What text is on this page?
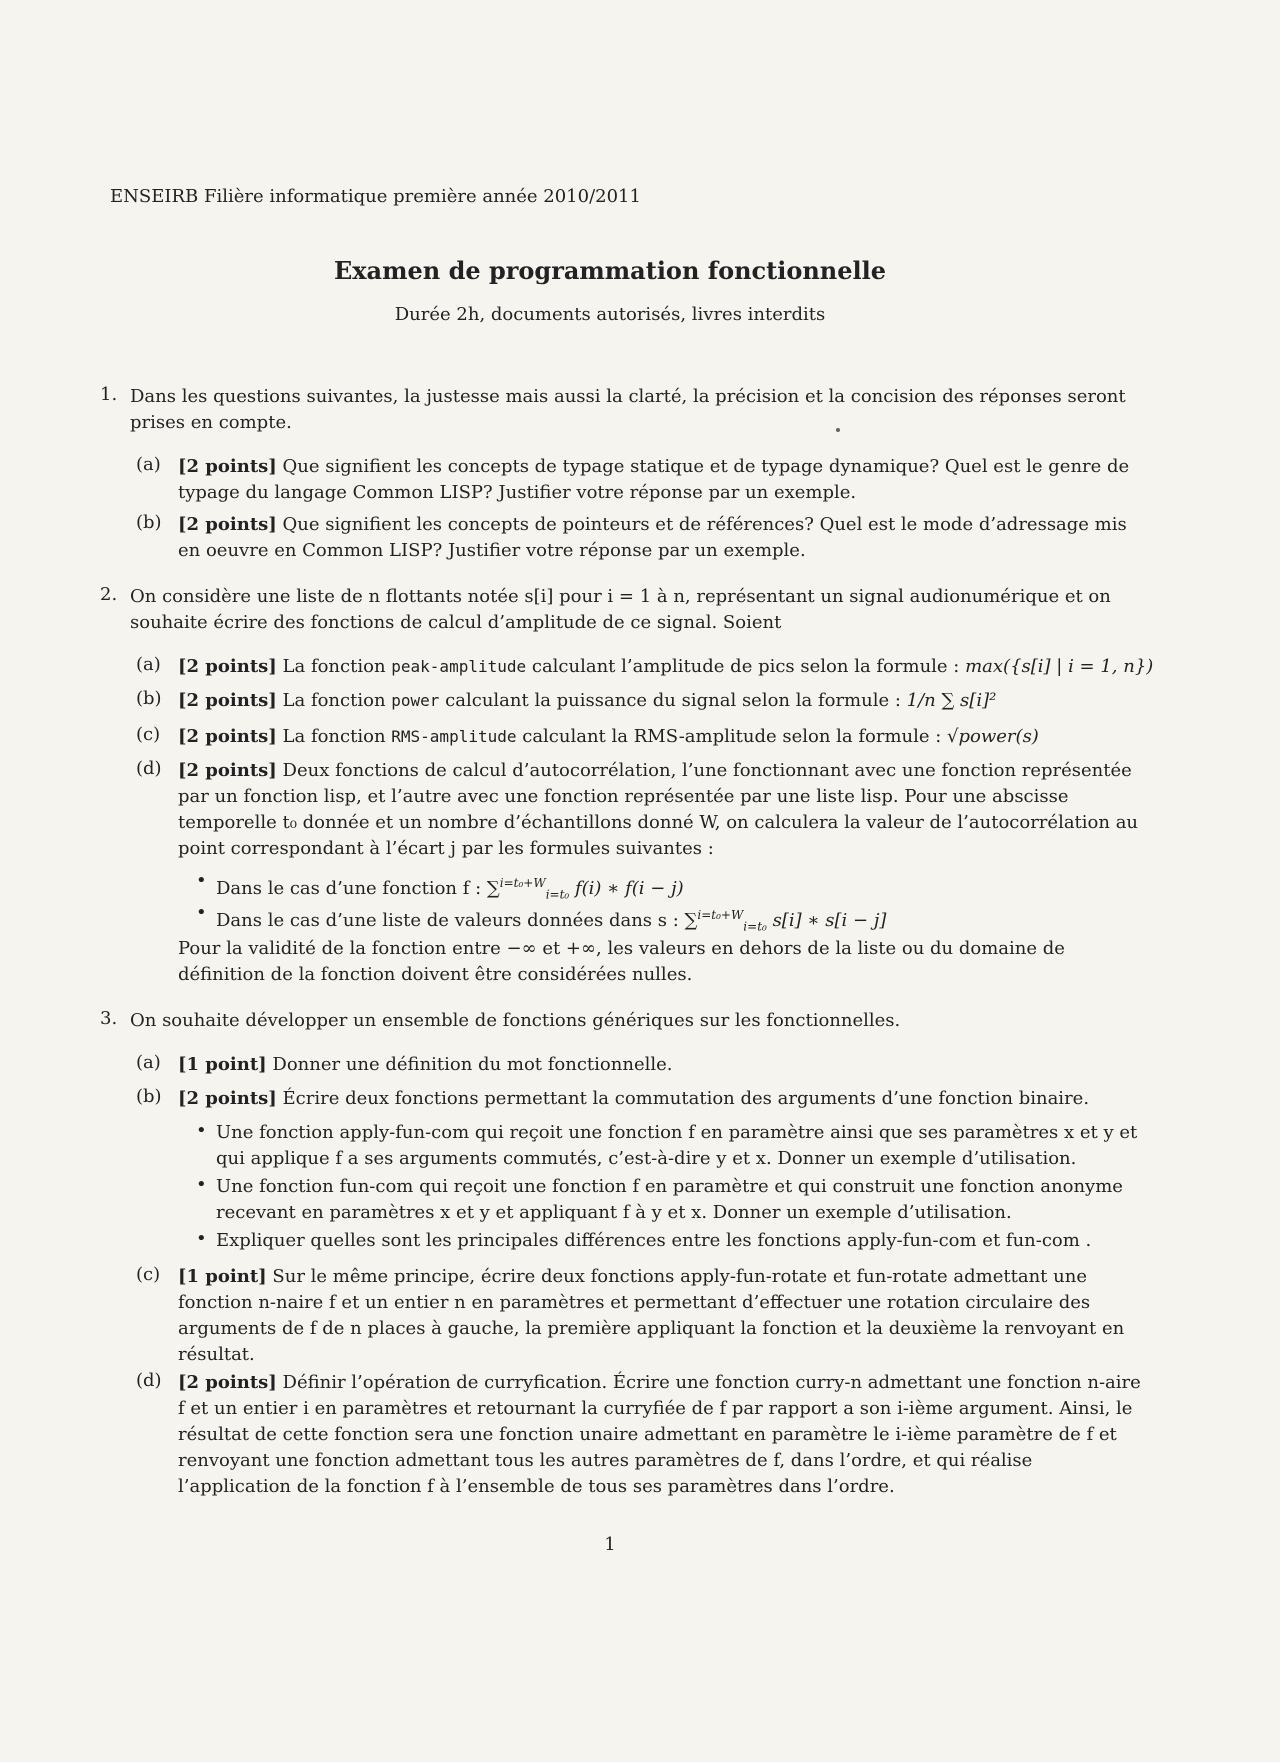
ENSEIRB Filière informatique première année 2010/2011
Examen de programmation fonctionnelle
Durée 2h, documents autorisés, livres interdits
1. Dans les questions suivantes, la justesse mais aussi la clarté, la précision et la concision des réponses seront prises en compte.
(a) [2 points] Que signifient les concepts de typage statique et de typage dynamique? Quel est le genre de typage du langage Common LISP? Justifier votre réponse par un exemple.
(b) [2 points] Que signifient les concepts de pointeurs et de références? Quel est le mode d’adressage mis en oeuvre en Common LISP? Justifier votre réponse par un exemple.
2. On considère une liste de n flottants notée s[i] pour i = 1 à n, représentant un signal audionumérique et on souhaite écrire des fonctions de calcul d’amplitude de ce signal. Soient
(a) [2 points] La fonction peak-amplitude calculant l’amplitude de pics selon la formule : max({s[i] | i = 1, n})
(b) [2 points] La fonction power calculant la puissance du signal selon la formule : 1/n ∑ s[i]²
(c) [2 points] La fonction RMS-amplitude calculant la RMS-amplitude selon la formule : √power(s)
(d) [2 points] Deux fonctions de calcul d’autocorrélation, l’une fonctionnant avec une fonction représentée par un fonction lisp, et l’autre avec une fonction représentée par une liste lisp. Pour une abscisse temporelle t₀ donnée et un nombre d’échantillons donné W, on calculera la valeur de l’autocorrélation au point correspondant à l’écart j par les formules suivantes :
• Dans le cas d’une fonction f : ∑$^{i=t_0+W}_{i=t_0}$ f(i) ∗ f(i − j)
• Dans le cas d’une liste de valeurs données dans s : ∑$^{i=t_0+W}_{i=t_0}$ s[i] ∗ s[i − j]
Pour la validité de la fonction entre −∞ et +∞, les valeurs en dehors de la liste ou du domaine de définition de la fonction doivent être considérées nulles.
3. On souhaite développer un ensemble de fonctions génériques sur les fonctionnelles.
(a) [1 point] Donner une définition du mot fonctionnelle.
(b) [2 points] Écrire deux fonctions permettant la commutation des arguments d’une fonction binaire.
• Une fonction apply-fun-com qui reçoit une fonction f en paramètre ainsi que ses paramètres x et y et qui applique f a ses arguments commutés, c’est-à-dire y et x. Donner un exemple d’utilisation.
• Une fonction fun-com qui reçoit une fonction f en paramètre et qui construit une fonction anonyme recevant en paramètres x et y et appliquant f à y et x. Donner un exemple d’utilisation.
• Expliquer quelles sont les principales différences entre les fonctions apply-fun-com et fun-com .
(c) [1 point] Sur le même principe, écrire deux fonctions apply-fun-rotate et fun-rotate admettant une fonction n-naire f et un entier n en paramètres et permettant d’effectuer une rotation circulaire des arguments de f de n places à gauche, la première appliquant la fonction et la deuxième la renvoyant en résultat.
(d) [2 points] Définir l’opération de curryfication. Écrire une fonction curry-n admettant une fonction n-aire f et un entier i en paramètres et retournant la curryfiée de f par rapport a son i-ième argument. Ainsi, le résultat de cette fonction sera une fonction unaire admettant en paramètre le i-ième paramètre de f et renvoyant une fonction admettant tous les autres paramètres de f, dans l’ordre, et qui réalise l’application de la fonction f à l’ensemble de tous ses paramètres dans l’ordre.
1
